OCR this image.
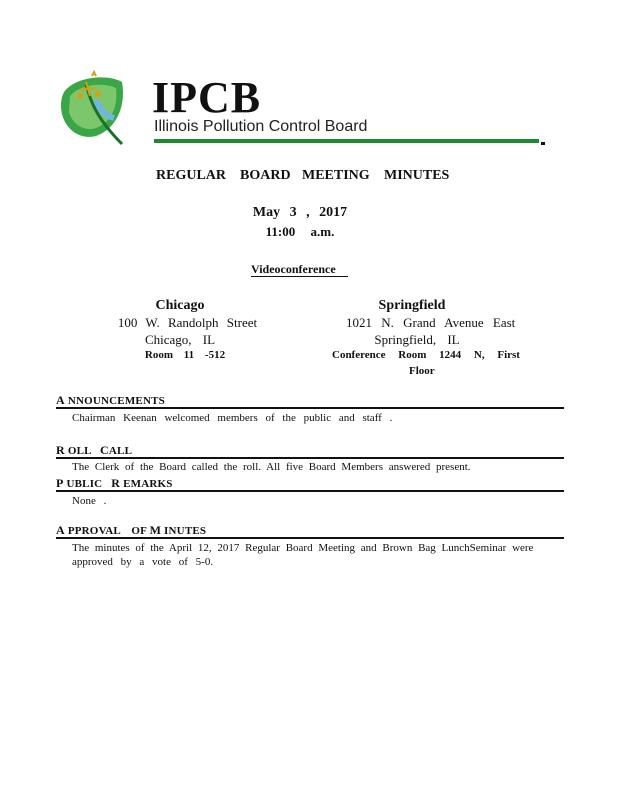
IPCB
Illinois Pollution Control Board
REGULAR BOARD MEETING MINUTES
May 3 , 2017
11:00 a.m.
Videoconference
Chicago
100 W. Randolph Street
Chicago, IL
Room 11 -512
Springfield
1021 N. Grand Avenue East
Springfield, IL
Conference Room 1244 N, First
Floor
A NNOUNCEMENTS
Chairman Keenan welcomed members of the public and staff .
R OLL CALL
The Clerk of the Board called the roll. All five Board Members answered present.
P UBLIC R EMARKS
None .
A PPROVAL OF M INUTES
The minutes of the April 12, 2017 Regular Board Meeting and Brown Bag LunchSeminar were
approved by a vote of 5-0.
